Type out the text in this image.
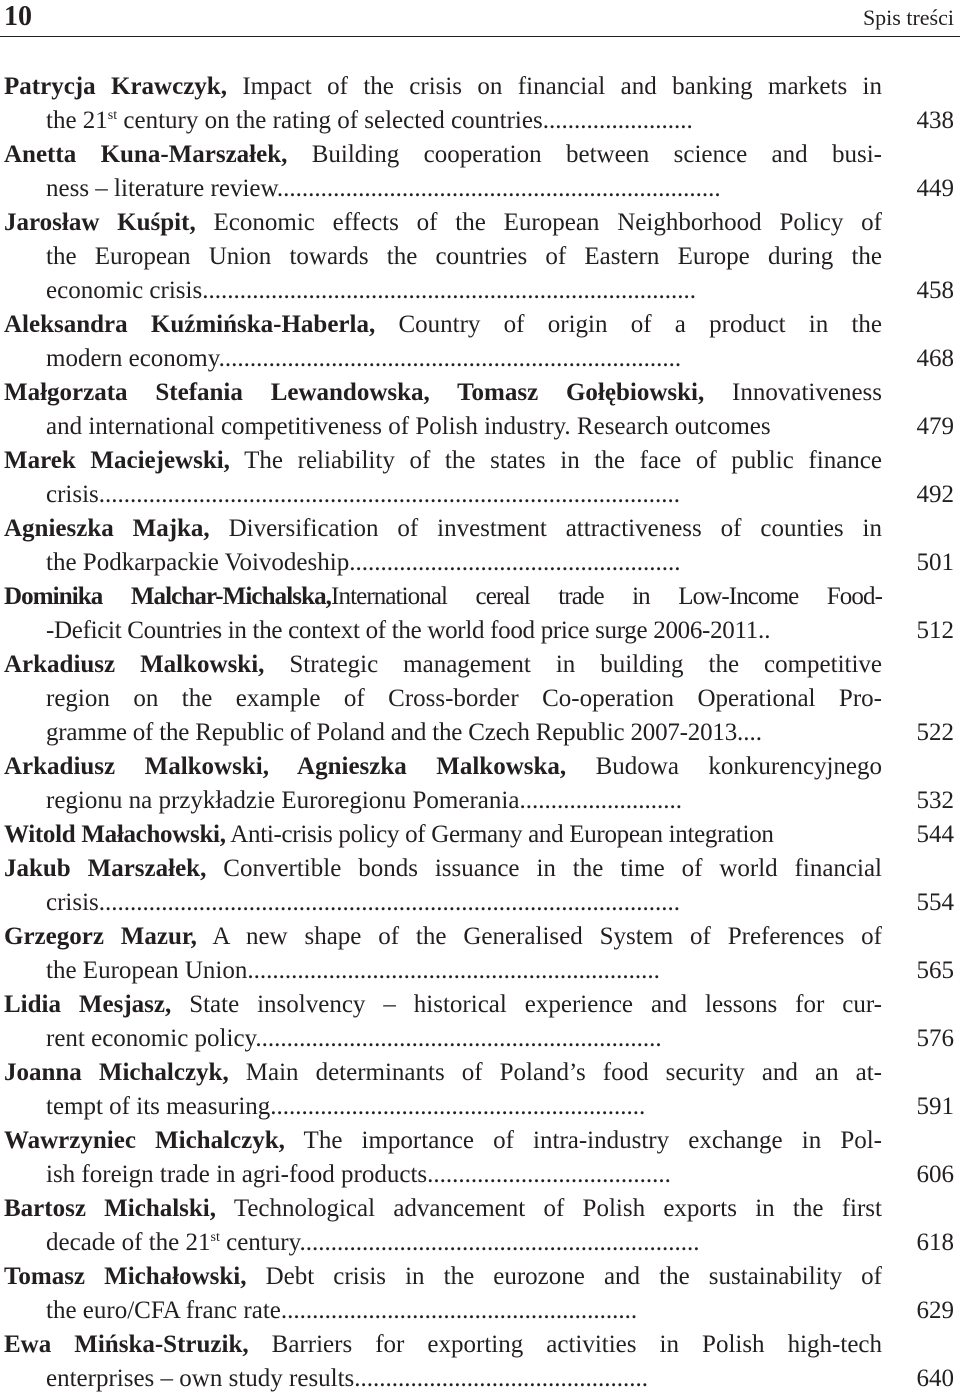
10	Spis treści
Patrycja Krawczyk, Impact of the crisis on financial and banking markets in
the 21st century on the rating of selected countries........................	438
Anetta Kuna-Marszałek, Building cooperation between science and busi-
ness – literature review.......................................................................	449
Jarosław Kuśpit, Economic effects of the European Neighborhood Policy of
the European Union towards the countries of Eastern Europe during the
economic crisis...............................................................................	458
Aleksandra Kuźmińska-Haberla, Country of origin of a product in the
modern economy..........................................................................	468
Małgorzata Stefania Lewandowska, Tomasz Gołębiowski, Innovativeness
and international competitiveness of Polish industry. Research outcomes	479
Marek Maciejewski, The reliability of the states in the face of public finance
crisis.............................................................................................	492
Agnieszka Majka, Diversification of investment attractiveness of counties in
the Podkarpackie Voivodeship.....................................................	501
Dominika Malchar-Michalska,International cereal trade in Low-Income Food-
-Deficit Countries in the context of the world food price surge 2006-2011..	512
Arkadiusz Malkowski, Strategic management in building the competitive
region on the example of Cross-border Co-operation Operational Pro-
gramme of the Republic of Poland and the Czech Republic 2007-2013....	522
Arkadiusz Malkowski, Agnieszka Malkowska, Budowa konkurencyjnego
regionu na przykładzie Euroregionu Pomerania..........................	532
Witold Małachowski, Anti-crisis policy of Germany and European integration	544
Jakub Marszałek, Convertible bonds issuance in the time of world financial
crisis.............................................................................................	554
Grzegorz Mazur, A new shape of the Generalised System of Preferences of
the European Union..................................................................	565
Lidia Mesjasz, State insolvency – historical experience and lessons for cur-
rent economic policy.................................................................	576
Joanna Michalczyk, Main determinants of Poland’s food security and an at-
tempt of its measuring............................................................	591
Wawrzyniec Michalczyk, The importance of intra-industry exchange in Pol-
ish foreign trade in agri-food products.......................................	606
Bartosz Michalski, Technological advancement of Polish exports in the first
decade of the 21st century................................................................	618
Tomasz Michałowski, Debt crisis in the eurozone and the sustainability of
the euro/CFA franc rate.........................................................	629
Ewa Mińska-Struzik, Barriers for exporting activities in Polish high-tech
enterprises – own study results...............................................	640
